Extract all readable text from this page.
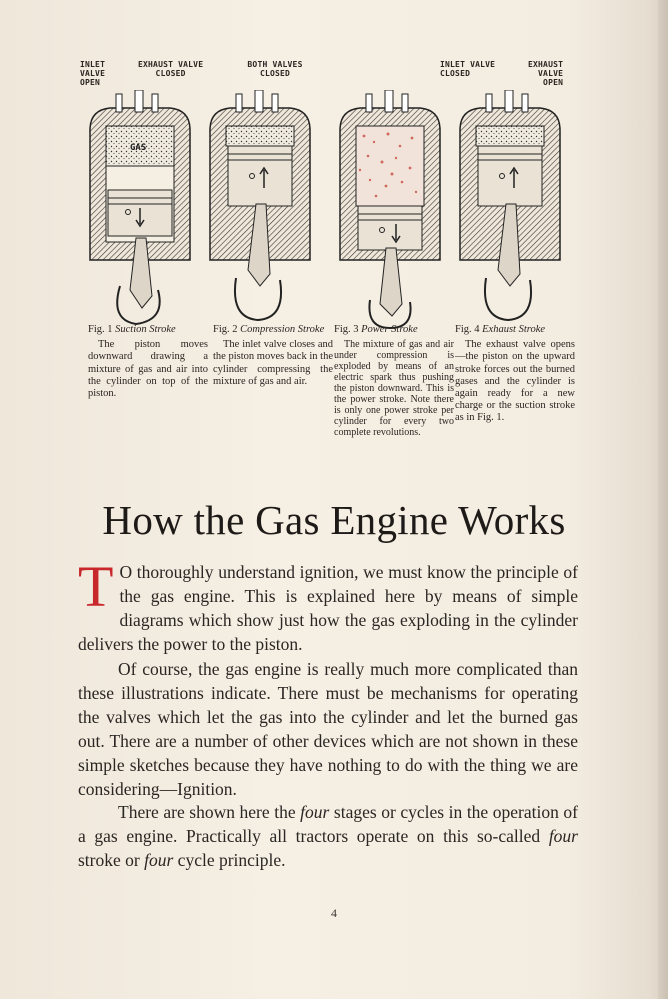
INLET
VALVE
OPEN
EXHAUST VALVE
CLOSED
GAS
Fig. 1 Suction Stroke

The piston moves downward drawing a mixture of gas and air into the cylinder on top of the piston.

BOTH VALVES
CLOSED
Fig. 2 Compression Stroke

The inlet valve closes and the piston moves back in the cylinder compressing the mixture of gas and air.

Fig. 3 Power Stroke

The mixture of gas and air under compression is exploded by means of an electric spark thus pushing the piston downward. This is the power stroke. Note there is only one power stroke per cylinder for every two complete revolutions.

INLET VALVE
CLOSED
EXHAUST
VALVE
OPEN
Fig. 4 Exhaust Stroke

The exhaust valve opens—the piston on the upward stroke forces out the burned gases and the cylinder is again ready for a new charge or the suction stroke as in Fig. 1.

How the Gas Engine Works

T O thoroughly understand ignition, we must know the principle of the gas engine. This is explained here by means of simple diagrams which show just how the gas exploding in the cylinder delivers the power to the piston.

Of course, the gas engine is really much more complicated than these illustrations indicate. There must be mechanisms for operating the valves which let the gas into the cylinder and let the burned gas out. There are a number of other devices which are not shown in these simple sketches because they have nothing to do with the thing we are considering—Ignition.

There are shown here the four stages or cycles in the operation of a gas engine. Practically all tractors operate on this so-called four stroke or four cycle principle.

4
